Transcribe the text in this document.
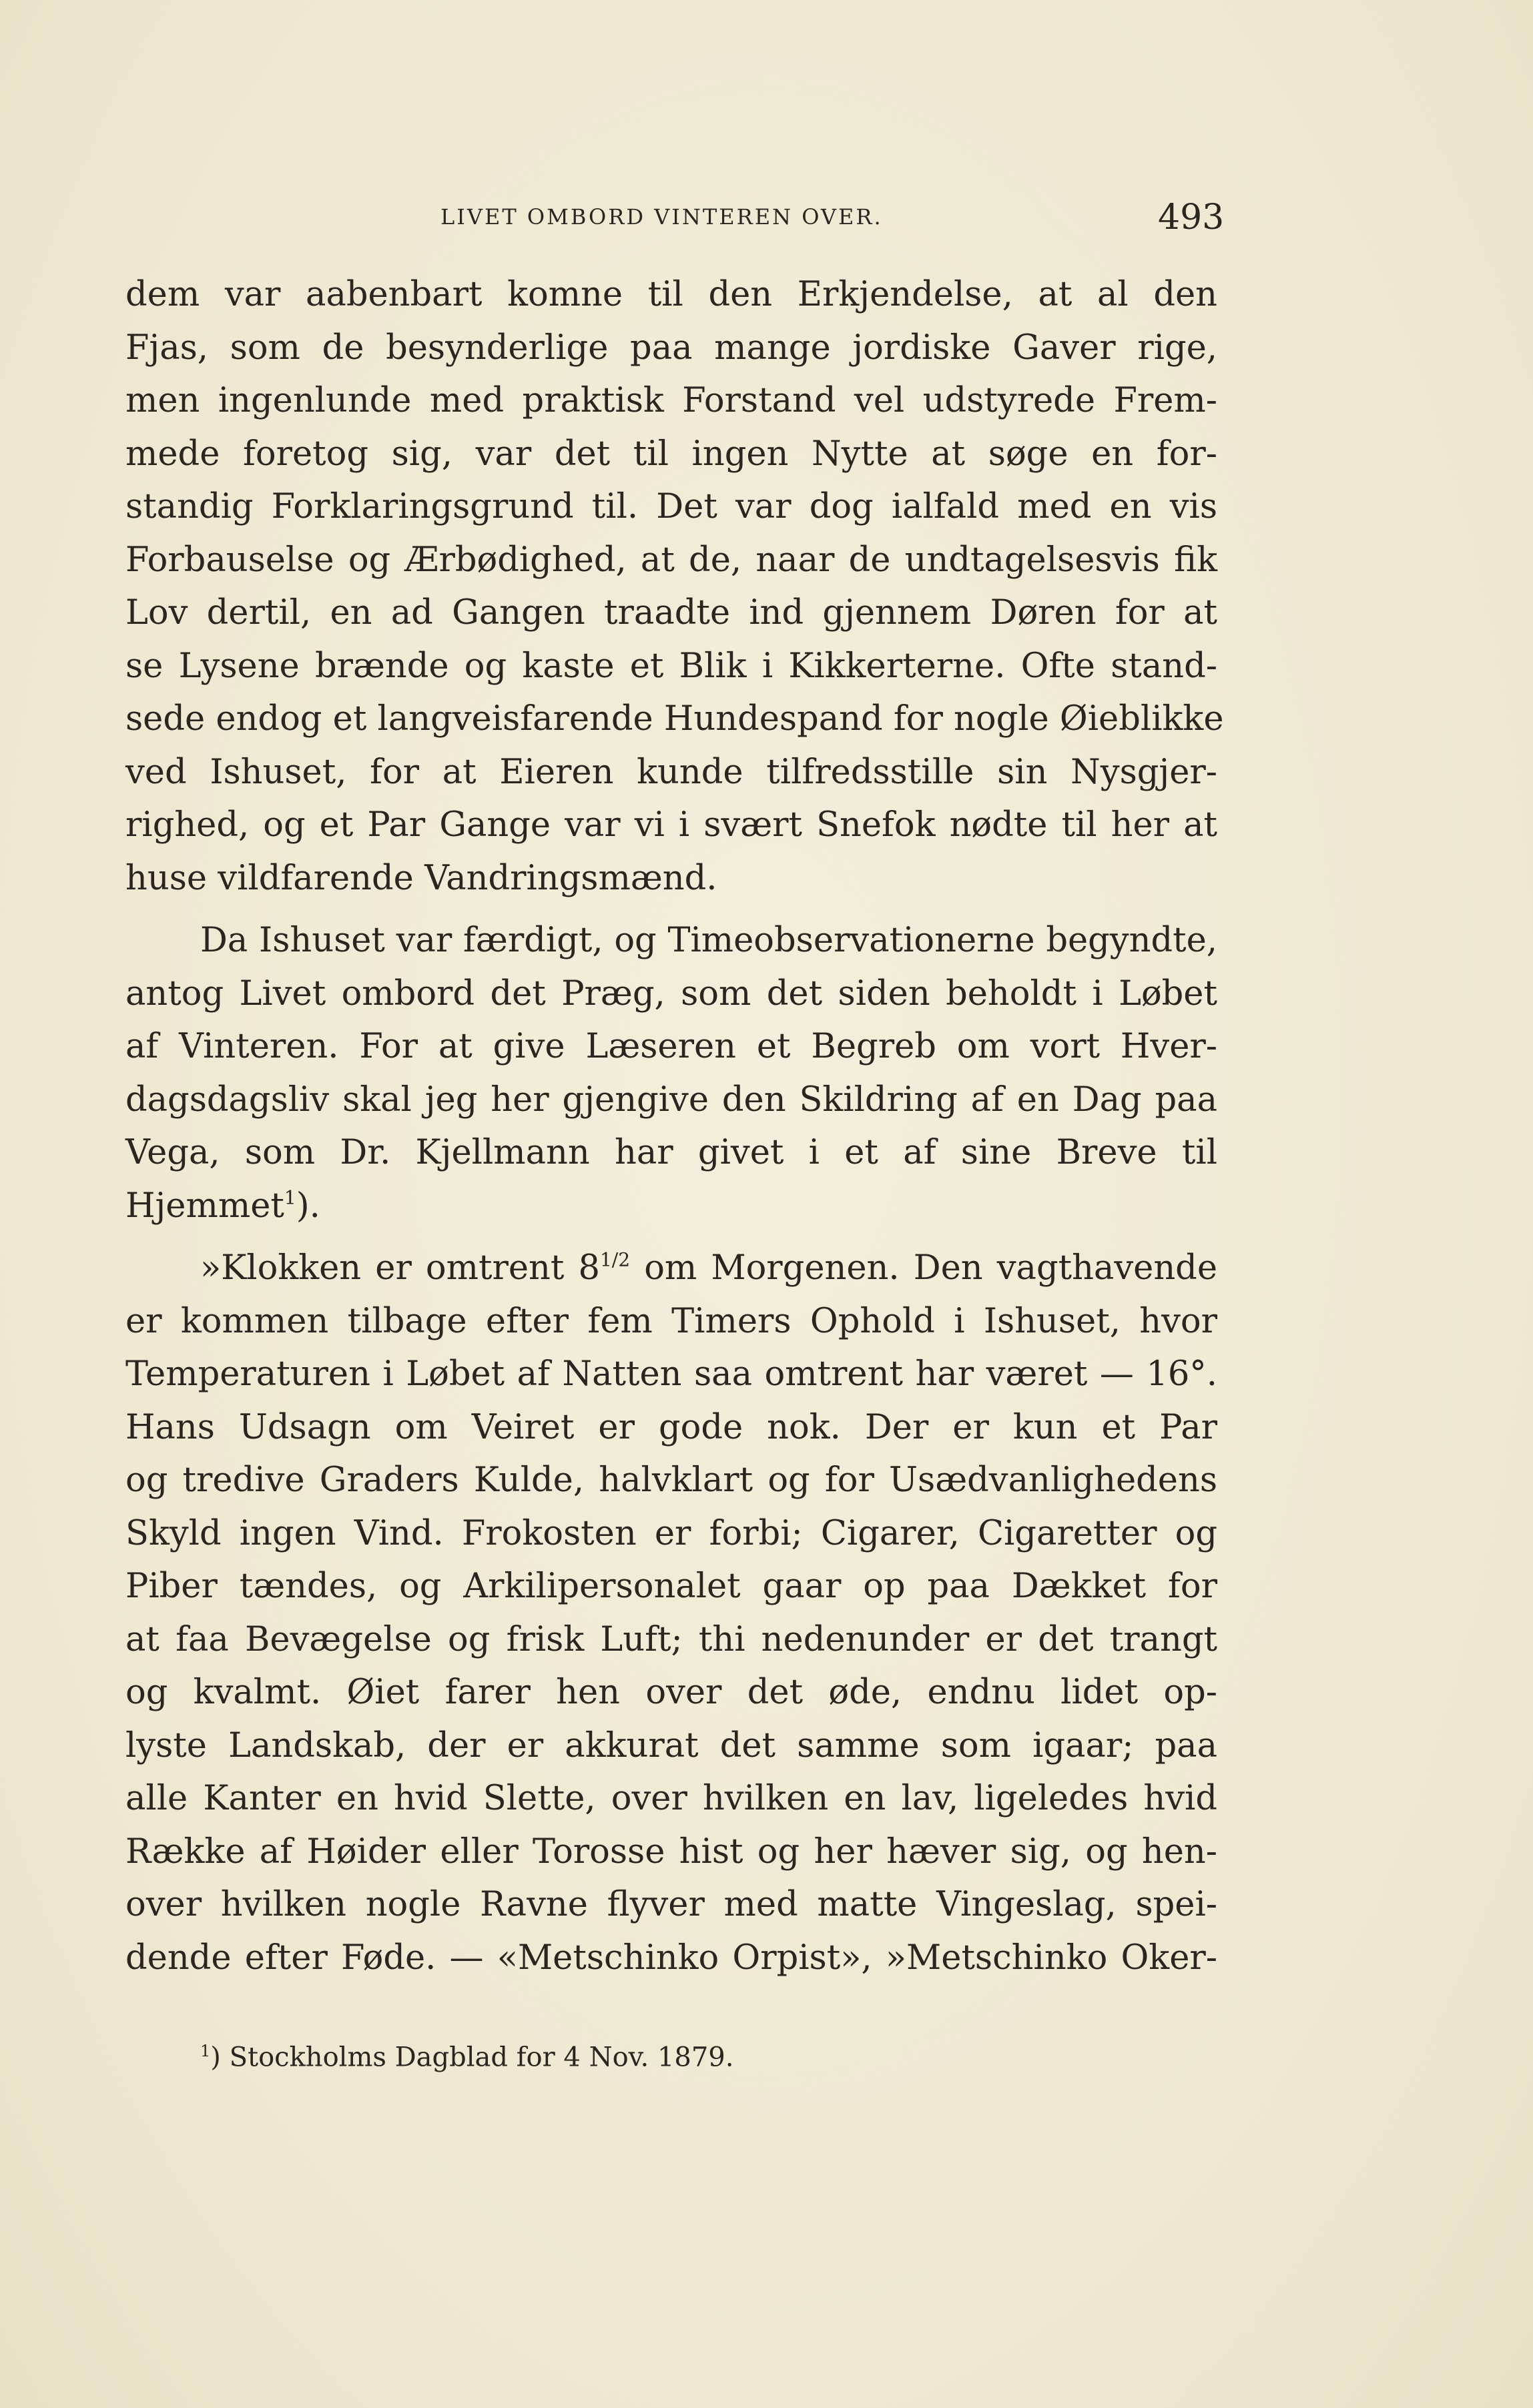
LIVET OMBORD VINTEREN OVER.	493
dem var aabenbart komne til den Erkjendelse, at al den
Fjas, som de besynderlige paa mange jordiske Gaver rige,
men ingenlunde med praktisk Forstand vel udstyrede Frem-
mede foretog sig, var det til ingen Nytte at søge en for-
standig Forklaringsgrund til. Det var dog ialfald med en vis
Forbauselse og Ærbødighed, at de, naar de undtagelsesvis fik
Lov dertil, en ad Gangen traadte ind gjennem Døren for at
se Lysene brænde og kaste et Blik i Kikkerterne. Ofte stand-
sede endog et langveisfarende Hundespand for nogle Øieblikke
ved Ishuset, for at Eieren kunde tilfredsstille sin Nysgjer-
righed, og et Par Gange var vi i svært Snefok nødte til her at
huse vildfarende Vandringsmænd.
Da Ishuset var færdigt, og Timeobservationerne begyndte,
antog Livet ombord det Præg, som det siden beholdt i Løbet
af Vinteren. For at give Læseren et Begreb om vort Hver-
dagsdagsliv skal jeg her gjengive den Skildring af en Dag paa
Vega, som Dr. Kjellmann har givet i et af sine Breve til
Hjemmet$^1$).
»Klokken er omtrent $8^{1/2}$ om Morgenen. Den vagthavende
er kommen tilbage efter fem Timers Ophold i Ishuset, hvor
Temperaturen i Løbet af Natten saa omtrent har været — 16°.
Hans Udsagn om Veiret er gode nok. Der er kun et Par
og tredive Graders Kulde, halvklart og for Usædvanlighedens
Skyld ingen Vind. Frokosten er forbi; Cigarer, Cigaretter og
Piber tændes, og Arkilipersonalet gaar op paa Dækket for
at faa Bevægelse og frisk Luft; thi nedenunder er det trangt
og kvalmt. Øiet farer hen over det øde, endnu lidet op-
lyste Landskab, der er akkurat det samme som igaar; paa
alle Kanter en hvid Slette, over hvilken en lav, ligeledes hvid
Række af Høider eller Torosse hist og her hæver sig, og hen-
over hvilken nogle Ravne flyver med matte Vingeslag, spei-
dende efter Føde. — «Metschinko Orpist», »Metschinko Oker-
$^1$) Stockholms Dagblad for 4 Nov. 1879.
